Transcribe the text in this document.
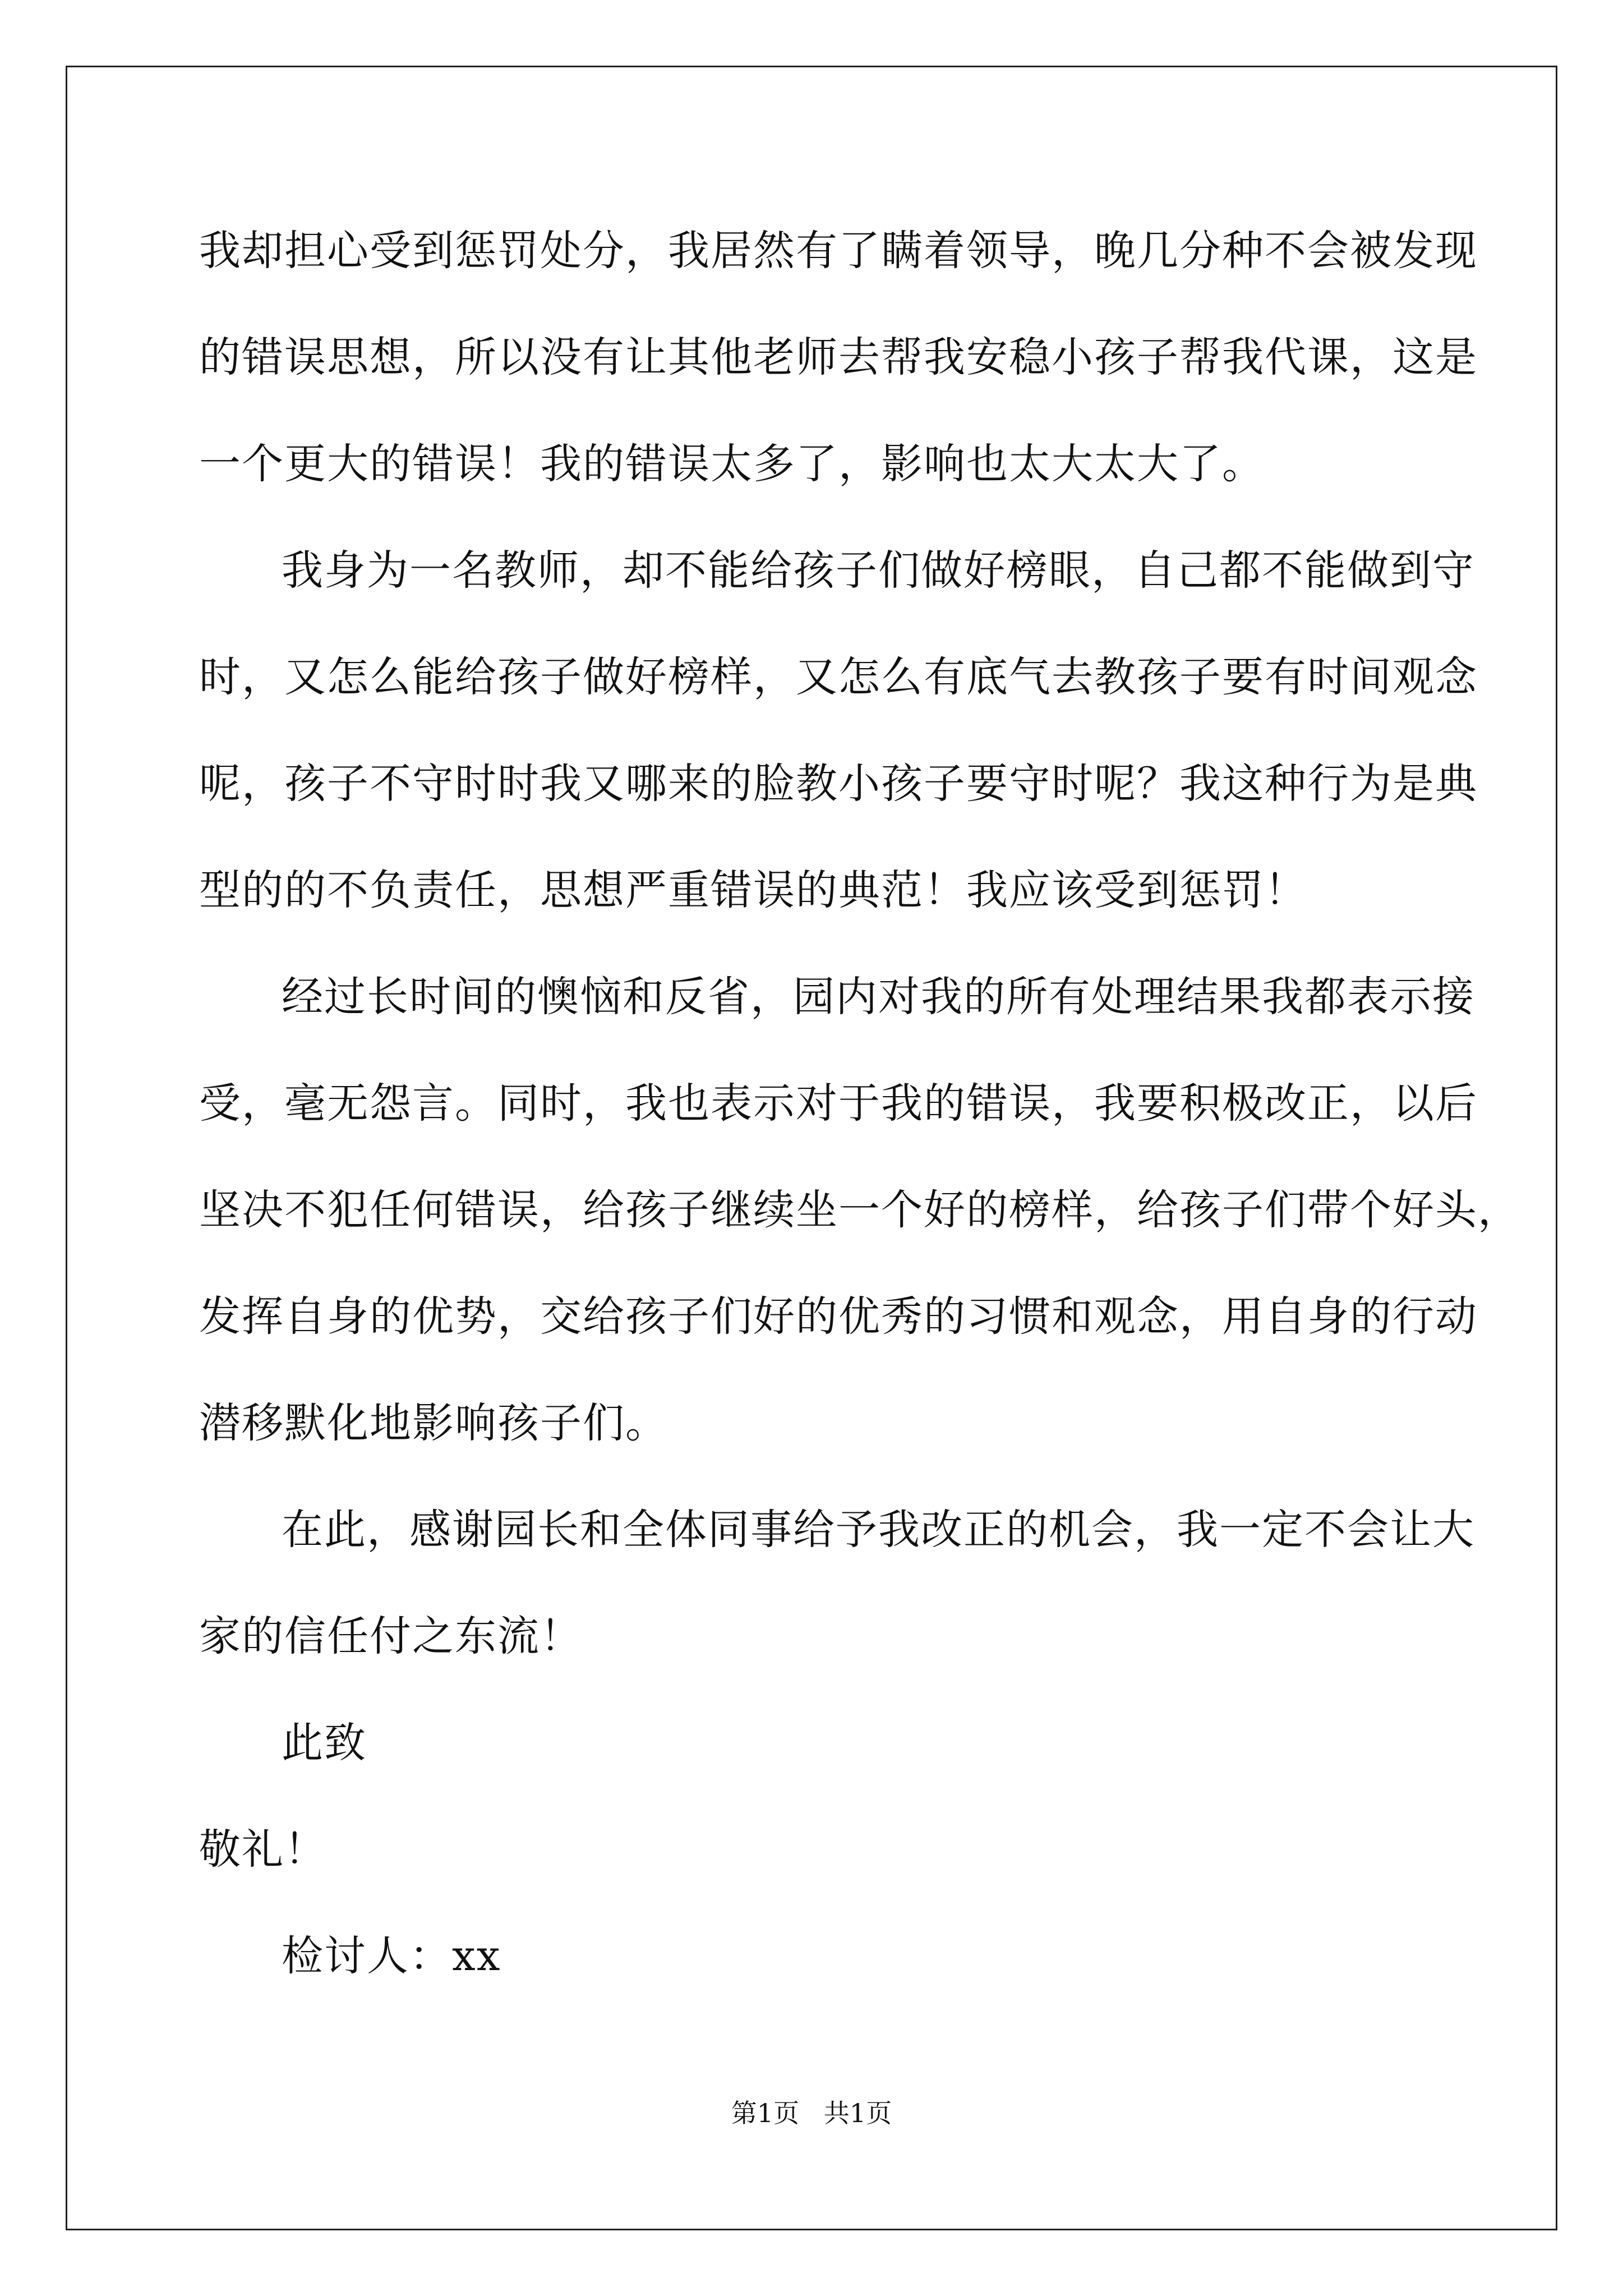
我却担心受到惩罚处分，我居然有了瞒着领导，晚几分种不会被发现
的错误思想，所以没有让其他老师去帮我安稳小孩子帮我代课，这是
一个更大的错误！我的错误太多了，影响也太大太大了。
我身为一名教师，却不能给孩子们做好榜眼，自己都不能做到守
时，又怎么能给孩子做好榜样，又怎么有底气去教孩子要有时间观念
呢，孩子不守时时我又哪来的脸教小孩子要守时呢？我这种行为是典
型的的不负责任，思想严重错误的典范！我应该受到惩罚！
经过长时间的懊恼和反省，园内对我的所有处理结果我都表示接
受，毫无怨言。同时，我也表示对于我的错误，我要积极改正，以后
坚决不犯任何错误，给孩子继续坐一个好的榜样，给孩子们带个好头，
发挥自身的优势，交给孩子们好的优秀的习惯和观念，用自身的行动
潜移默化地影响孩子们。
在此，感谢园长和全体同事给予我改正的机会，我一定不会让大
家的信任付之东流！
此致
敬礼！
检讨人：xx
第1页   共1页
